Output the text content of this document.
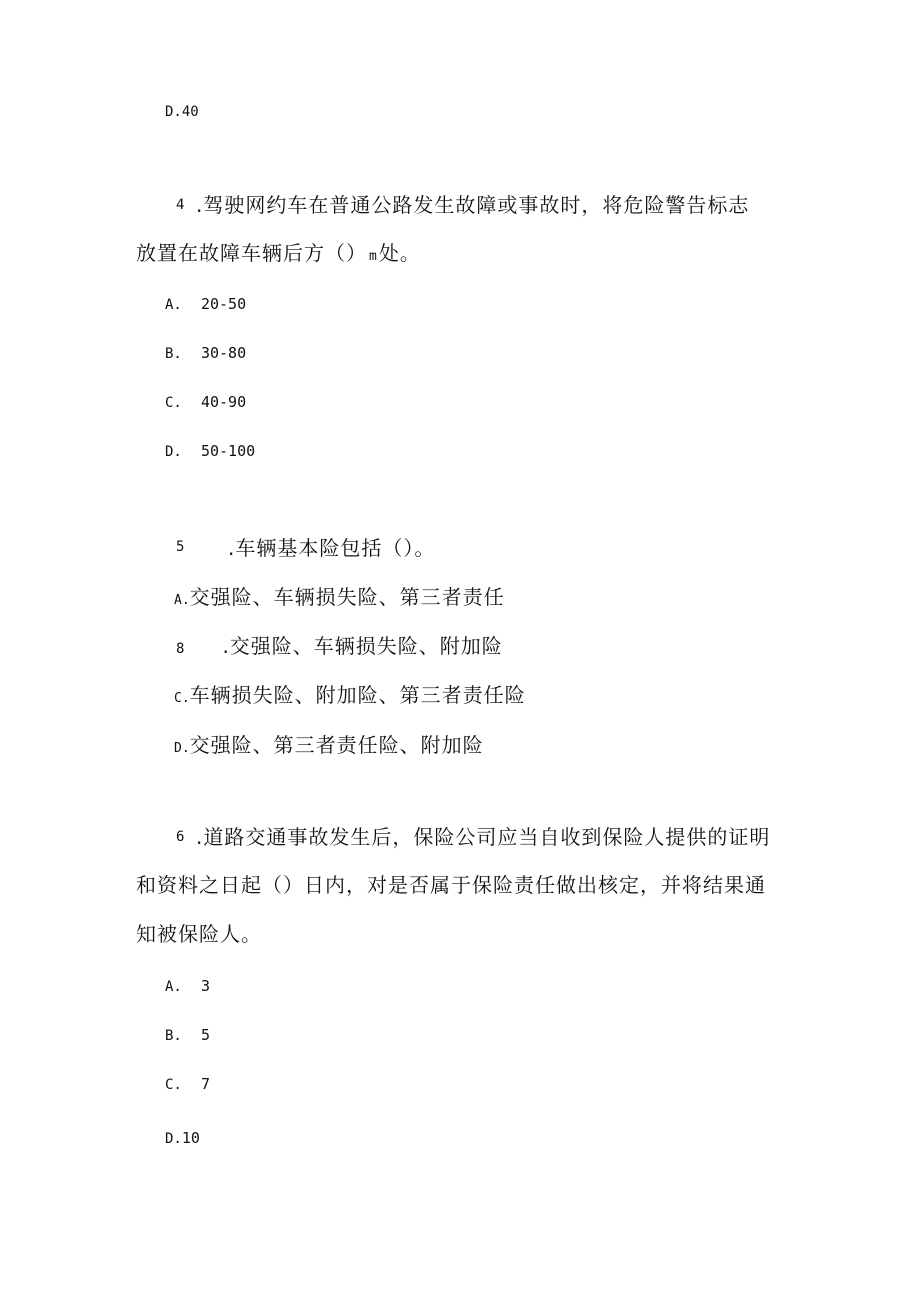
D.40
4 .驾驶网约车在普通公路发生故障或事故时，将危险警告标志
放置在故障车辆后方（） m 处。
A. 20-50
B. 30-80
C. 40-90
D. 50-100
5 .车辆基本险包括（）。
A.交强险、车辆损失险、第三者责任
8 .交强险、车辆损失险、附加险
C.车辆损失险、附加险、第三者责任险
D.交强险、第三者责任险、附加险
6 .道路交通事故发生后，保险公司应当自收到保险人提供的证明
和资料之日起（）日内，对是否属于保险责任做出核定，并将结果通
知被保险人。
A. 3
B. 5
C. 7
D.10
